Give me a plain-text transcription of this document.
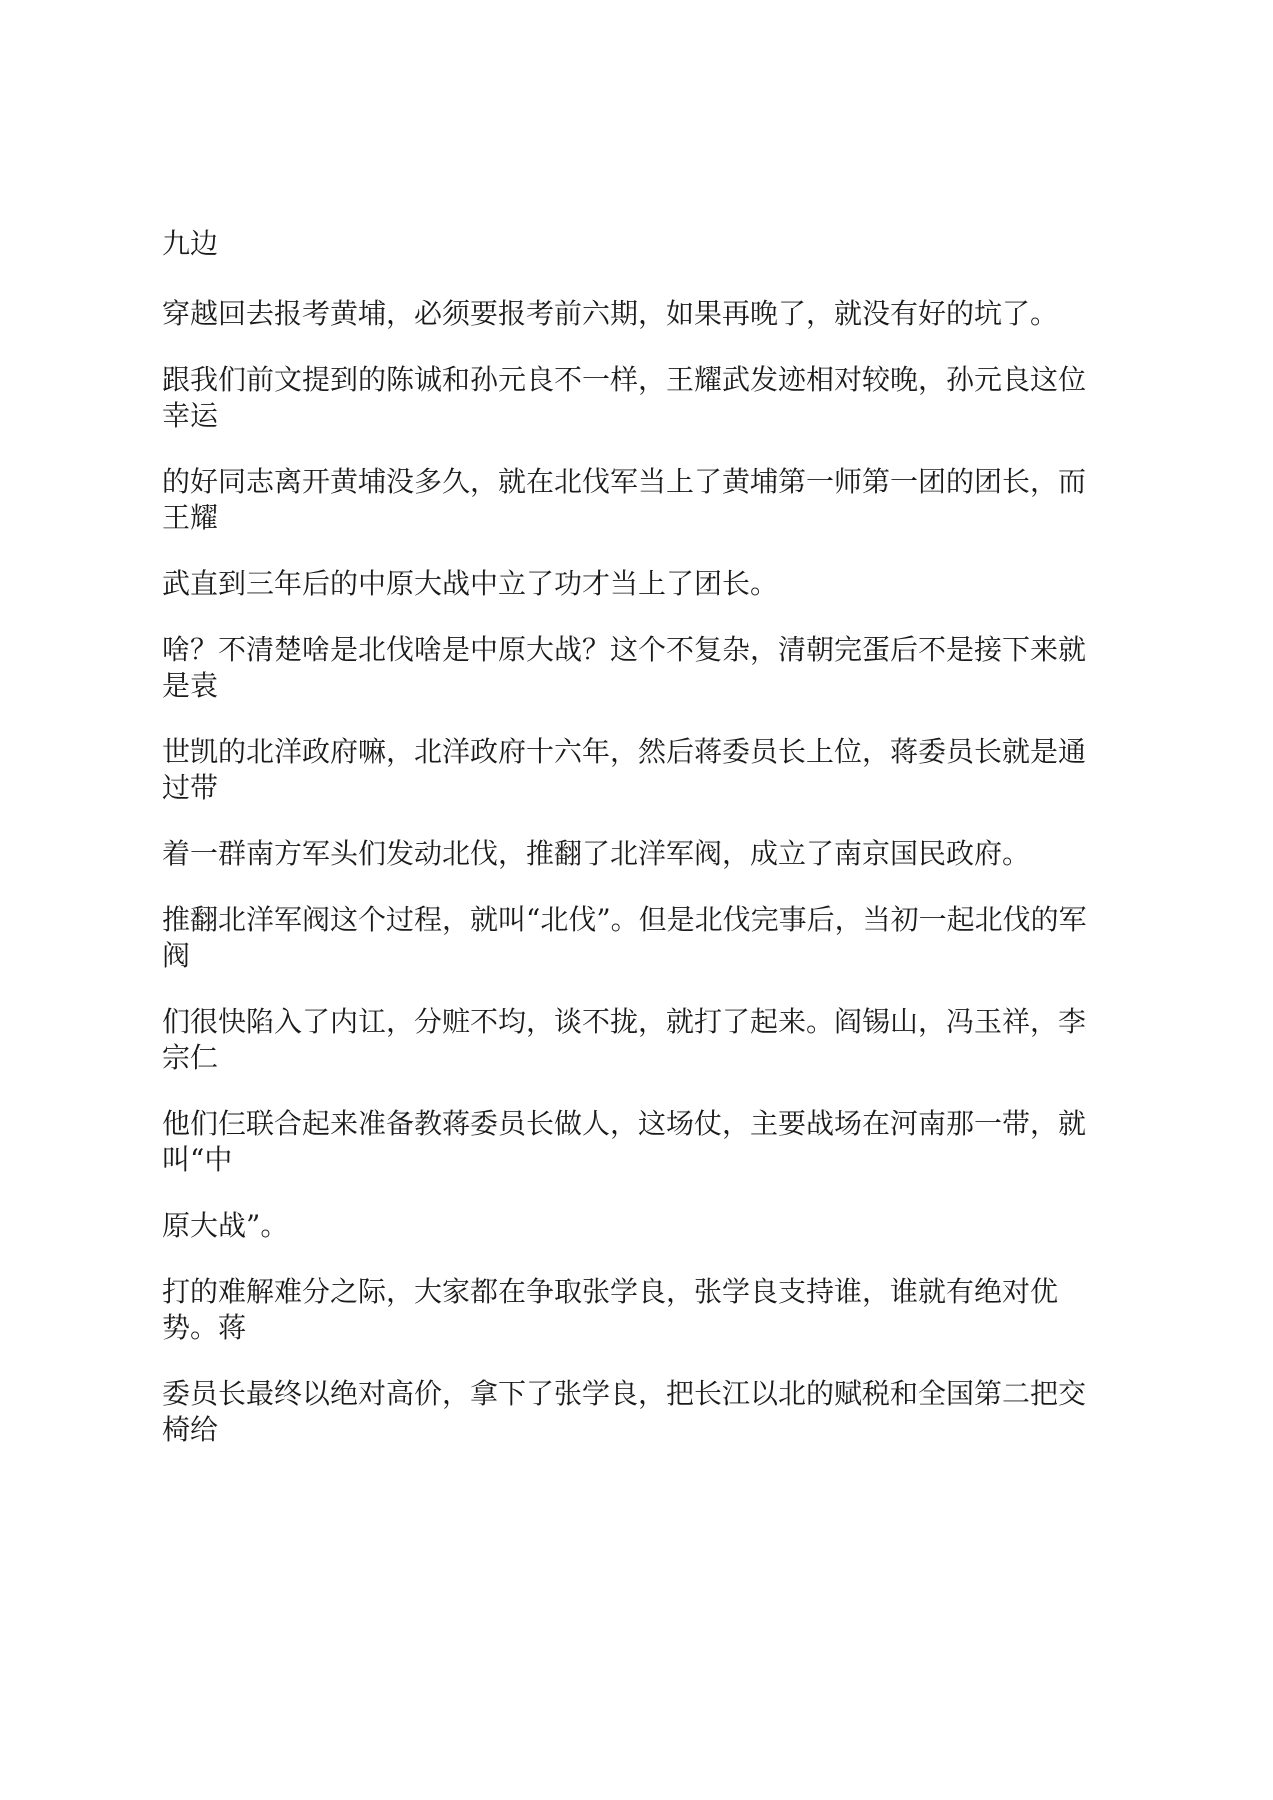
九边

穿越回去报考黄埔，必须要报考前六期，如果再晚了，就没有好的坑了。

跟我们前文提到的陈诚和孙元良不一样，王耀武发迹相对较晚，孙元良这位幸运

的好同志离开黄埔没多久，就在北伐军当上了黄埔第一师第一团的团长，而王耀

武直到三年后的中原大战中立了功才当上了团长。

啥？不清楚啥是北伐啥是中原大战？这个不复杂，清朝完蛋后不是接下来就是袁

世凯的北洋政府嘛，北洋政府十六年，然后蒋委员长上位，蒋委员长就是通过带

着一群南方军头们发动北伐，推翻了北洋军阀，成立了南京国民政府。

推翻北洋军阀这个过程，就叫“北伐”。但是北伐完事后，当初一起北伐的军阀

们很快陷入了内讧，分赃不均，谈不拢，就打了起来。阎锡山，冯玉祥，李宗仁

他们仨联合起来准备教蒋委员长做人，这场仗，主要战场在河南那一带，就叫“中

原大战”。

打的难解难分之际，大家都在争取张学良，张学良支持谁，谁就有绝对优势。蒋

委员长最终以绝对高价，拿下了张学良，把长江以北的赋税和全国第二把交椅给
